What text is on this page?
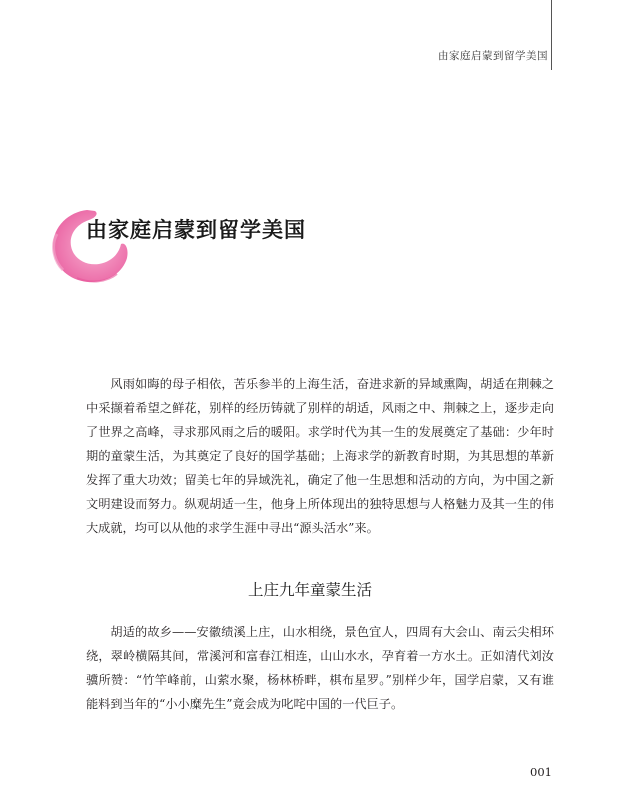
由家庭启蒙到留学美国
由家庭启蒙到留学美国

风雨如晦的母子相依，苦乐参半的上海生活，奋进求新的异域熏陶，胡适在荆棘之中采撷着希望之鲜花，别样的经历铸就了别样的胡适，风雨之中、荆棘之上，逐步走向了世界之高峰，寻求那风雨之后的暖阳。求学时代为其一生的发展奠定了基础：少年时期的童蒙生活，为其奠定了良好的国学基础；上海求学的新教育时期，为其思想的革新发挥了重大功效；留美七年的异域洗礼，确定了他一生思想和活动的方向，为中国之新文明建设而努力。纵观胡适一生，他身上所体现出的独特思想与人格魅力及其一生的伟大成就，均可以从他的求学生涯中寻出“源头活水”来。

上庄九年童蒙生活

胡适的故乡——安徽绩溪上庄，山水相绕，景色宜人，四周有大会山、南云尖相环绕，翠岭横隔其间，常溪河和富春江相连，山山水水，孕育着一方水土。正如清代刘汝骥所赞：“竹竿峰前，山萦水聚，杨林桥畔，棋布星罗。”别样少年，国学启蒙，又有谁能料到当年的“小小糜先生”竟会成为叱咤中国的一代巨子。

001
